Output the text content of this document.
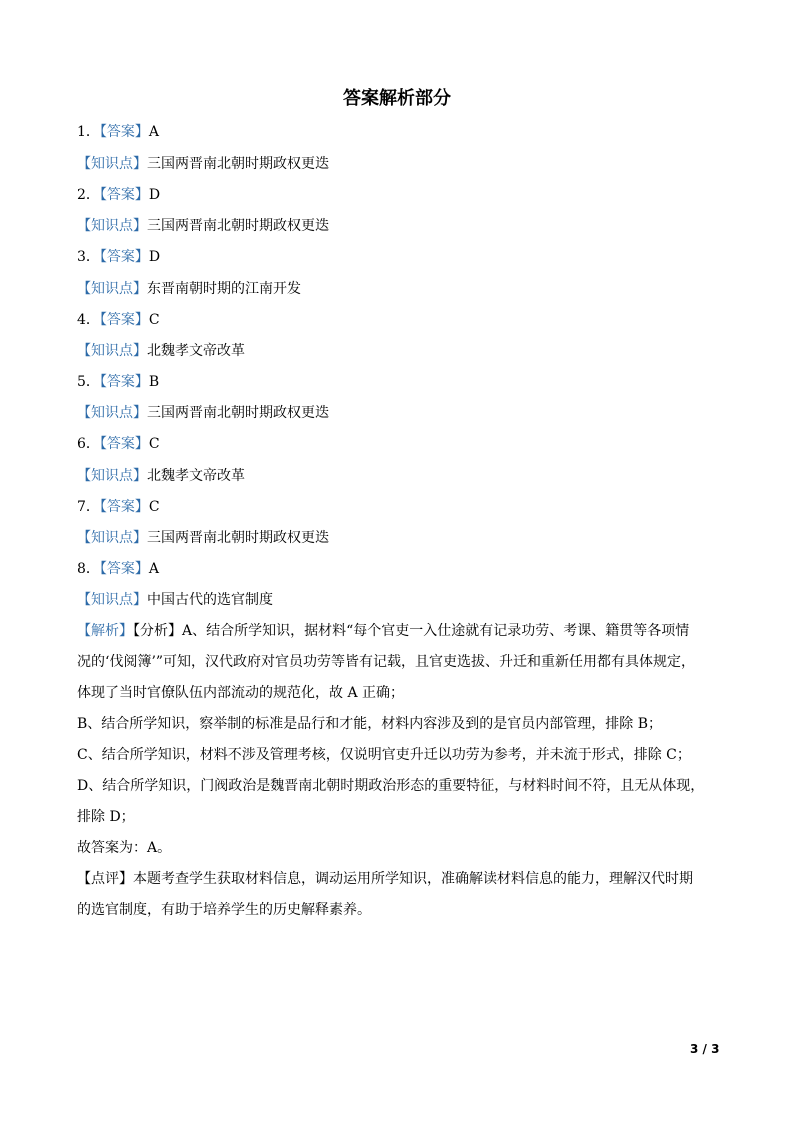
答案解析部分
1．【答案】A
【知识点】三国两晋南北朝时期政权更迭
2．【答案】D
【知识点】三国两晋南北朝时期政权更迭
3．【答案】D
【知识点】东晋南朝时期的江南开发
4．【答案】C
【知识点】北魏孝文帝改革
5．【答案】B
【知识点】三国两晋南北朝时期政权更迭
6．【答案】C
【知识点】北魏孝文帝改革
7．【答案】C
【知识点】三国两晋南北朝时期政权更迭
8．【答案】A
【知识点】中国古代的选官制度
【解析】【分析】A、结合所学知识，据材料“每个官吏一入仕途就有记录功劳、考课、籍贯等各项情
况的‘伐阅簿’”可知，汉代政府对官员功劳等皆有记载，且官吏选拔、升迁和重新任用都有具体规定，
体现了当时官僚队伍内部流动的规范化，故 A 正确；
B、结合所学知识，察举制的标准是品行和才能，材料内容涉及到的是官员内部管理，排除 B；
C、结合所学知识，材料不涉及管理考核，仅说明官吏升迁以功劳为参考，并未流于形式，排除 C；
D、结合所学知识，门阀政治是魏晋南北朝时期政治形态的重要特征，与材料时间不符，且无从体现，
排除 D；
故答案为：A。
【点评】本题考查学生获取材料信息，调动运用所学知识，准确解读材料信息的能力，理解汉代时期
的选官制度，有助于培养学生的历史解释素养。
3 / 3
